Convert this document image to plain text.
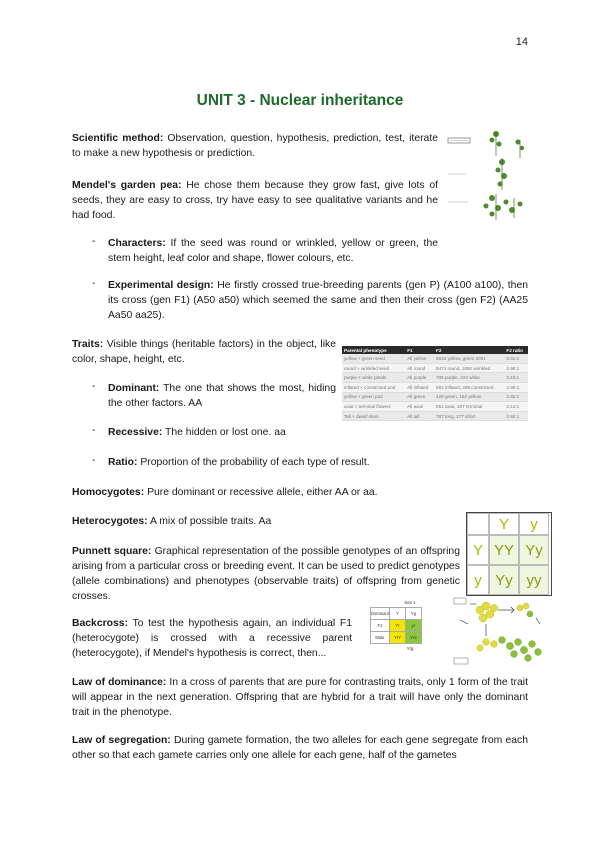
14
UNIT 3 - Nuclear inheritance

Scientific method: Observation, question, hypothesis, prediction, test, iterate to make a new hypothesis or prediction.

Mendel's garden pea: He chose them because they grow fast, give lots of seeds, they are easy to cross, try have easy to see qualitative variants and he had food.

- Characters: If the seed was round or wrinkled, yellow or green, the stem height, leaf color and shape, flower colours, etc.

- Experimental design: He firstly crossed true-breeding parents (gen P) (A100 a100), then its cross (gen F1) (A50 a50) which seemed the same and then their cross (gen F2) (AA25 Aa50 aa25).

Traits: Visible things (heritable factors) in the object, like color, shape, height, etc.

Parental phenotype	F1	F2	F2 ratio
yellow × green seed	All yellow	6022 yellow, green 2001	3.01:1
round × wrinkled seed	All round	5474 round, 1850 wrinkled	2.96:1
purple × white petals	All purple	705 purple, 224 white	3.15:1
inflated × constricted pod	All inflated	882 inflated, 299 constricted	2.95:1
yellow × green pod	All green	428 green, 152 yellow	2.82:1
axial × terminal flowers	All axial	651 axial, 207 terminal	3.14:1
Tall × dwarf stem	All tall	787 long, 277 short	2.84:1
- Dominant: The one that shows the most, hiding the other factors. AA

- Recessive: The hidden or lost one. aa

- Ratio: Proportion of the probability of each type of result.

Homocygotes: Pure dominant or recessive allele, either AA or aa.

Heterocygotes: A mix of possible traits. Aa	Y	y
Y YY Yy
y Yy yy

Punnett square: Graphical representation of the possible genotypes of an offspring arising from a particular cross or breeding event. It can be used to predict genotypes (allele combinations) and phenotypes (observable traits) of offspring from genetic crosses.

Backcross: To test the hypothesis again, an individual F1 (heterocygote) is crossed with a recessive parent (heterocygote), if Mendel's hypothesis is correct, then...

Sex 1
Dominant	Y	Yg
F1	Yr	yr
Male	YrY	Yr2
Y/g

Law of dominance: In a cross of parents that are pure for contrasting traits, only 1 form of the trait will appear in the next generation. Offspring that are hybrid for a trait will have only the dominant trait in the phenotype.

Law of segregation: During gamete formation, the two alleles for each gene segregate from each other so that each gamete carries only one allele for each gene, half of the gametes
